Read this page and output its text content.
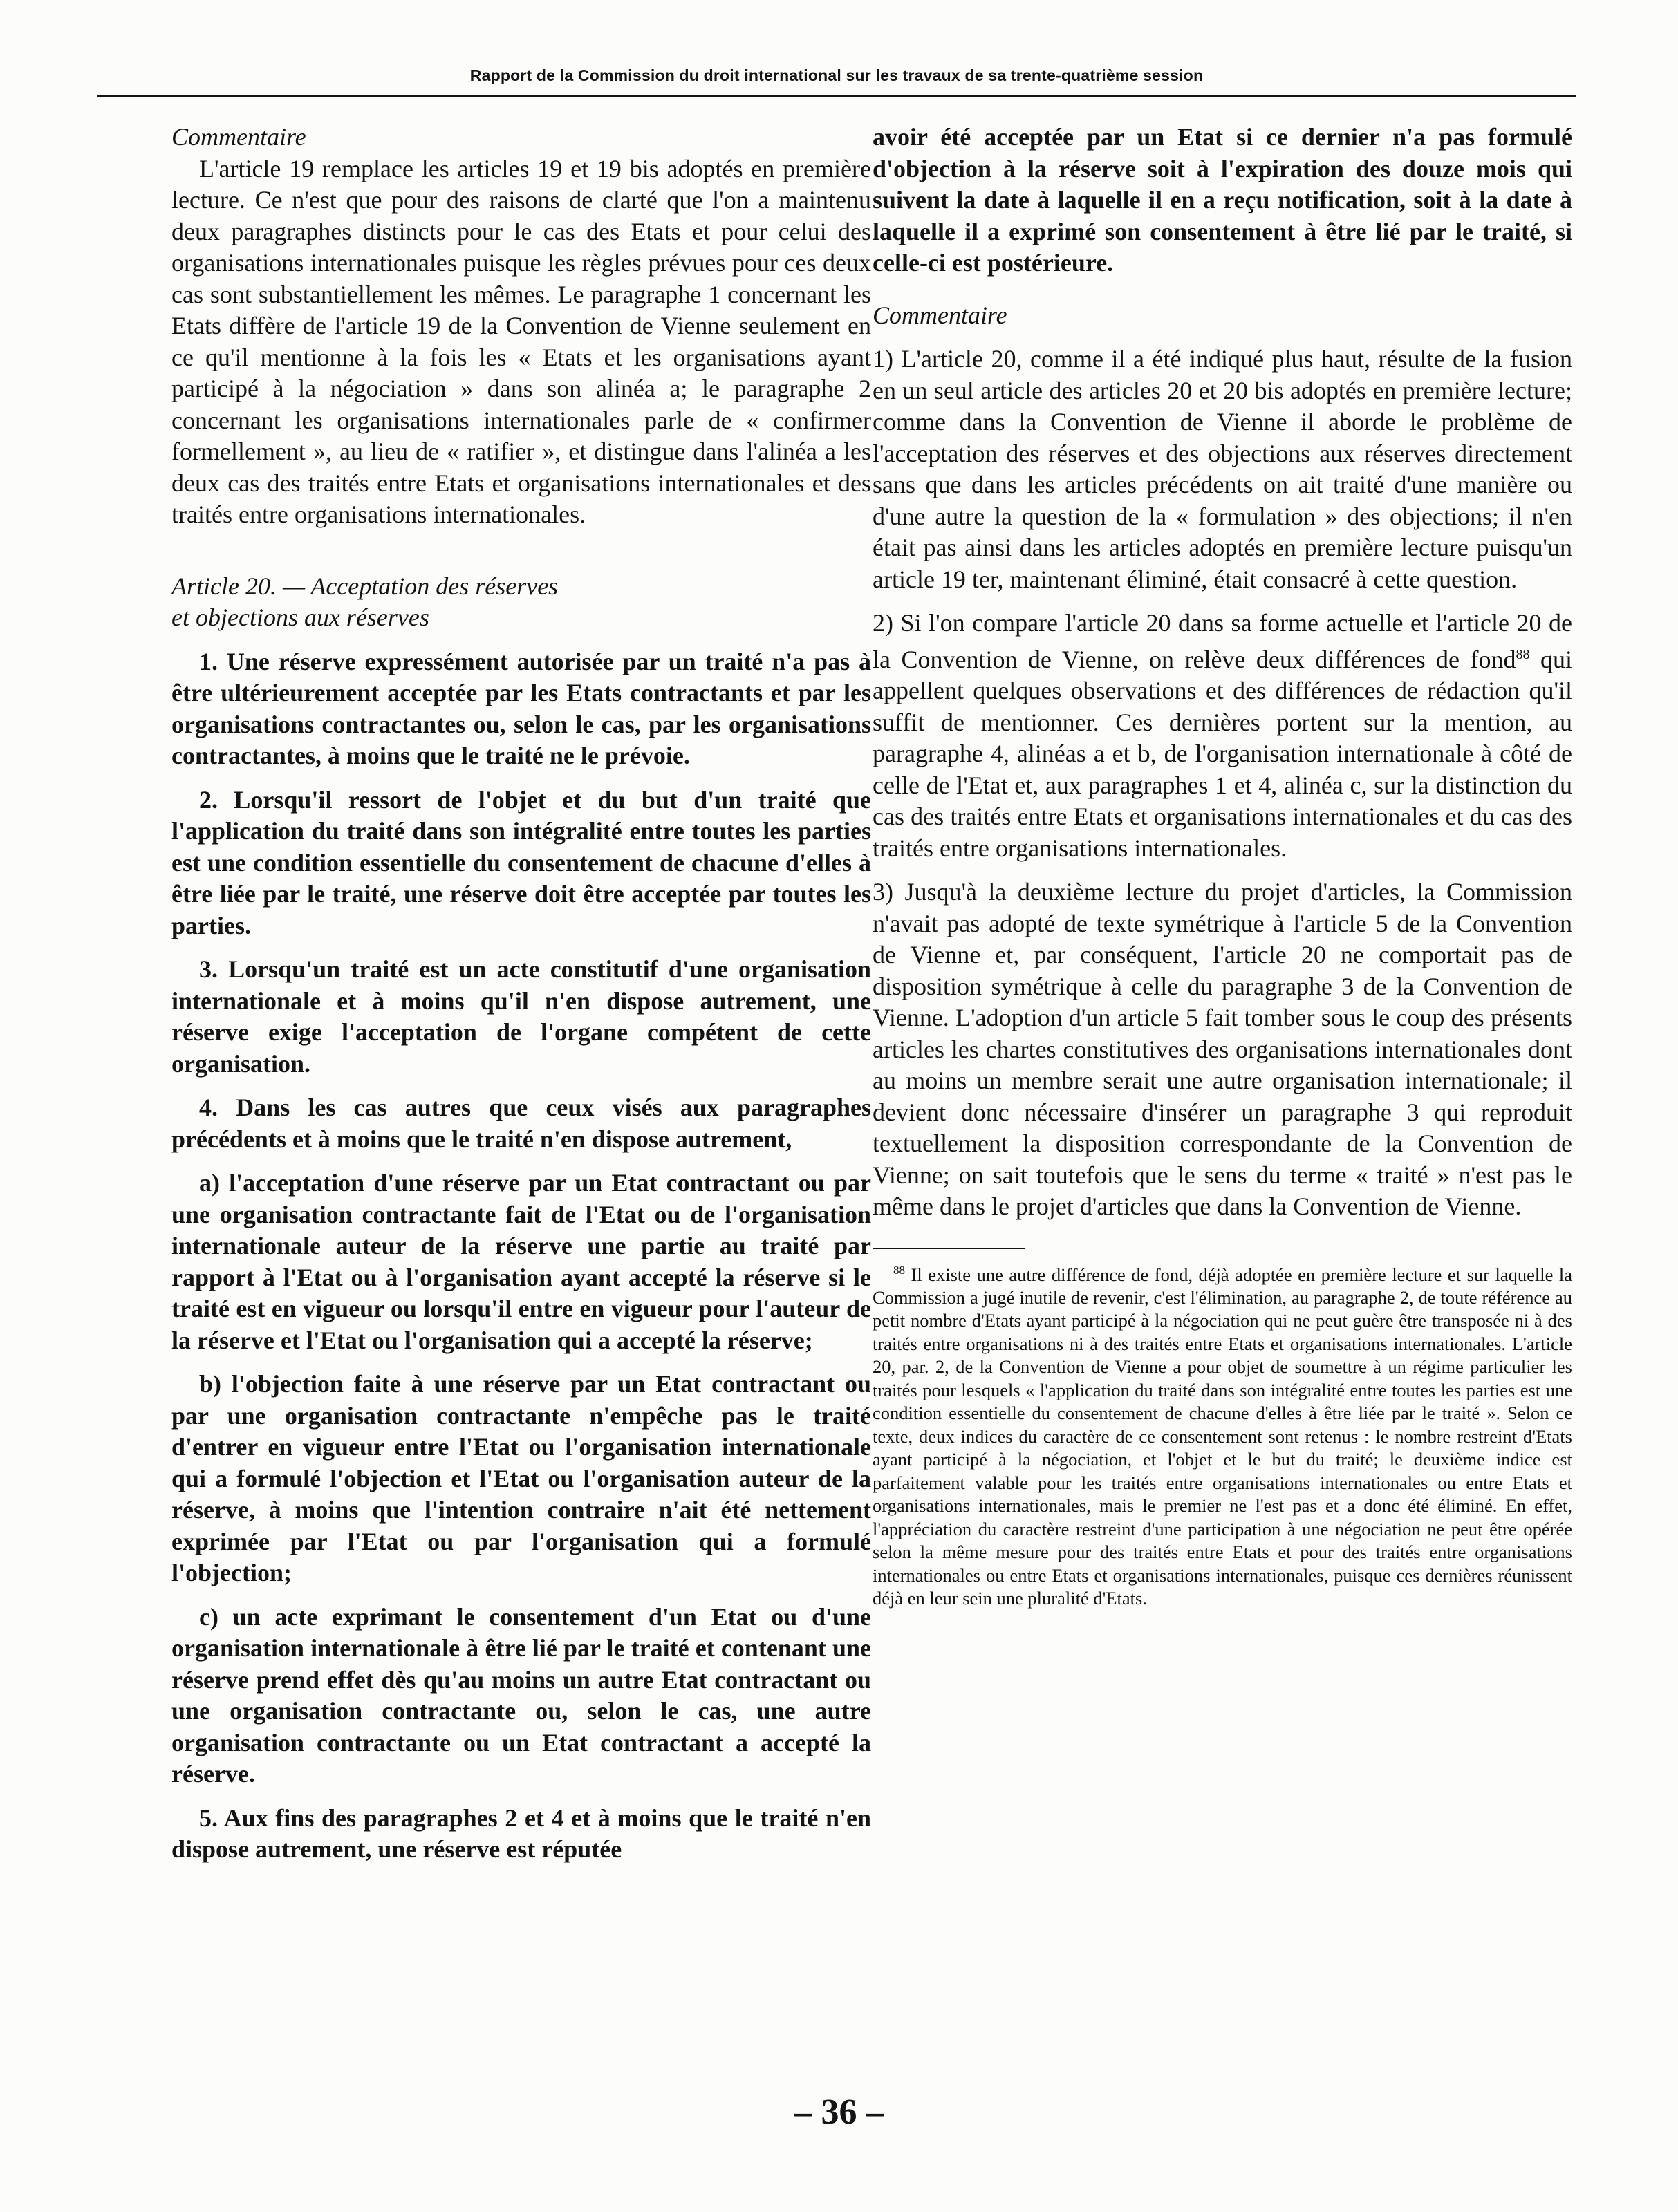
Rapport de la Commission du droit international sur les travaux de sa trente-quatrième session

Commentaire

L'article 19 remplace les articles 19 et 19 bis adoptés en première lecture. Ce n'est que pour des raisons de clarté que l'on a maintenu deux paragraphes distincts pour le cas des Etats et pour celui des organisations internationales puisque les règles prévues pour ces deux cas sont substantiellement les mêmes. Le paragraphe 1 concernant les Etats diffère de l'article 19 de la Convention de Vienne seulement en ce qu'il mentionne à la fois les « Etats et les organisations ayant participé à la négociation » dans son alinéa a; le paragraphe 2 concernant les organisations internationales parle de « confirmer formellement », au lieu de « ratifier », et distingue dans l'alinéa a les deux cas des traités entre Etats et organisations internationales et des traités entre organisations internationales.

Article 20. — Acceptation des réserves

et objections aux réserves

1. Une réserve expressément autorisée par un traité n'a pas à être ultérieurement acceptée par les Etats contractants et par les organisations contractantes ou, selon le cas, par les organisations contractantes, à moins que le traité ne le prévoie.

2. Lorsqu'il ressort de l'objet et du but d'un traité que l'application du traité dans son intégralité entre toutes les parties est une condition essentielle du consentement de chacune d'elles à être liée par le traité, une réserve doit être acceptée par toutes les parties.

3. Lorsqu'un traité est un acte constitutif d'une organisation internationale et à moins qu'il n'en dispose autrement, une réserve exige l'acceptation de l'organe compétent de cette organisation.

4. Dans les cas autres que ceux visés aux paragraphes précédents et à moins que le traité n'en dispose autrement,

a) l'acceptation d'une réserve par un Etat contractant ou par une organisation contractante fait de l'Etat ou de l'organisation internationale auteur de la réserve une partie au traité par rapport à l'Etat ou à l'organisation ayant accepté la réserve si le traité est en vigueur ou lorsqu'il entre en vigueur pour l'auteur de la réserve et l'Etat ou l'organisation qui a accepté la réserve;

b) l'objection faite à une réserve par un Etat contractant ou par une organisation contractante n'empêche pas le traité d'entrer en vigueur entre l'Etat ou l'organisation internationale qui a formulé l'objection et l'Etat ou l'organisation auteur de la réserve, à moins que l'intention contraire n'ait été nettement exprimée par l'Etat ou par l'organisation qui a formulé l'objection;

c) un acte exprimant le consentement d'un Etat ou d'une organisation internationale à être lié par le traité et contenant une réserve prend effet dès qu'au moins un autre Etat contractant ou une organisation contractante ou, selon le cas, une autre organisation contractante ou un Etat contractant a accepté la réserve.

5. Aux fins des paragraphes 2 et 4 et à moins que le traité n'en dispose autrement, une réserve est réputée

avoir été acceptée par un Etat si ce dernier n'a pas formulé d'objection à la réserve soit à l'expiration des douze mois qui suivent la date à laquelle il en a reçu notification, soit à la date à laquelle il a exprimé son consentement à être lié par le traité, si celle-ci est postérieure.

Commentaire

1) L'article 20, comme il a été indiqué plus haut, résulte de la fusion en un seul article des articles 20 et 20 bis adoptés en première lecture; comme dans la Convention de Vienne il aborde le problème de l'acceptation des réserves et des objections aux réserves directement sans que dans les articles précédents on ait traité d'une manière ou d'une autre la question de la « formulation » des objections; il n'en était pas ainsi dans les articles adoptés en première lecture puisqu'un article 19 ter, maintenant éliminé, était consacré à cette question.

2) Si l'on compare l'article 20 dans sa forme actuelle et l'article 20 de la Convention de Vienne, on relève deux différences de fond$^{88}$ qui appellent quelques observations et des différences de rédaction qu'il suffit de mentionner. Ces dernières portent sur la mention, au paragraphe 4, alinéas a et b, de l'organisation internationale à côté de celle de l'Etat et, aux paragraphes 1 et 4, alinéa c, sur la distinction du cas des traités entre Etats et organisations internationales et du cas des traités entre organisations internationales.

3) Jusqu'à la deuxième lecture du projet d'articles, la Commission n'avait pas adopté de texte symétrique à l'article 5 de la Convention de Vienne et, par conséquent, l'article 20 ne comportait pas de disposition symétrique à celle du paragraphe 3 de la Convention de Vienne. L'adoption d'un article 5 fait tomber sous le coup des présents articles les chartes constitutives des organisations internationales dont au moins un membre serait une autre organisation internationale; il devient donc nécessaire d'insérer un paragraphe 3 qui reproduit textuellement la disposition correspondante de la Convention de Vienne; on sait toutefois que le sens du terme « traité » n'est pas le même dans le projet d'articles que dans la Convention de Vienne.

$^{88}$ Il existe une autre différence de fond, déjà adoptée en première lecture et sur laquelle la Commission a jugé inutile de revenir, c'est l'élimination, au paragraphe 2, de toute référence au petit nombre d'Etats ayant participé à la négociation qui ne peut guère être transposée ni à des traités entre organisations ni à des traités entre Etats et organisations internationales. L'article 20, par. 2, de la Convention de Vienne a pour objet de soumettre à un régime particulier les traités pour lesquels « l'application du traité dans son intégralité entre toutes les parties est une condition essentielle du consentement de chacune d'elles à être liée par le traité ». Selon ce texte, deux indices du caractère de ce consentement sont retenus : le nombre restreint d'Etats ayant participé à la négociation, et l'objet et le but du traité; le deuxième indice est parfaitement valable pour les traités entre organisations internationales ou entre Etats et organisations internationales, mais le premier ne l'est pas et a donc été éliminé. En effet, l'appréciation du caractère restreint d'une participation à une négociation ne peut être opérée selon la même mesure pour des traités entre Etats et pour des traités entre organisations internationales ou entre Etats et organisations internationales, puisque ces dernières réunissent déjà en leur sein une pluralité d'Etats.

– 36 –
